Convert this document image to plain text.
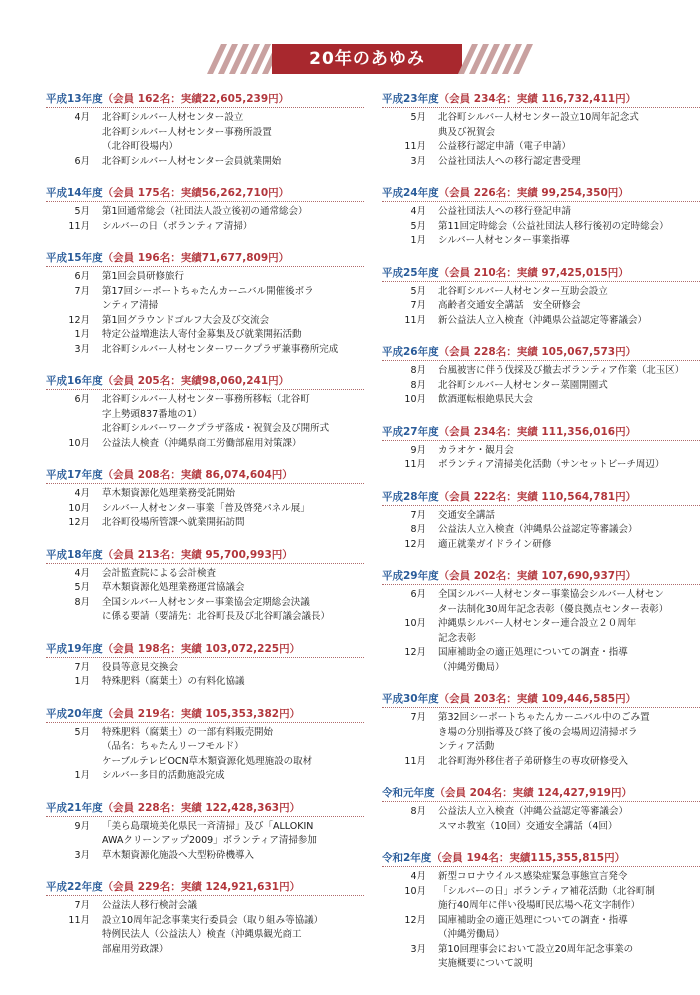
20年のあゆみ
平成13年度（会員 162名：実績22,605,239円）
4月	北谷町シルバー人材センター設立
北谷町シルバー人材センター事務所設置
（北谷町役場内）
6月	北谷町シルバー人材センター会員就業開始
平成14年度（会員 175名：実績56,262,710円）
5月	第1回通常総会（社団法人設立後初の通常総会）
11月	シルバーの日（ボランティア清掃）
平成15年度（会員 196名：実績71,677,809円）
6月	第1回会員研修旅行
7月	第17回シーポートちゃたんカーニバル開催後ボラ
ンティア清掃
12月	第1回グラウンドゴルフ大会及び交流会
1月	特定公益増進法人寄付金募集及び就業開拓活動
3月	北谷町シルバー人材センターワークプラザ兼事務所完成
平成16年度（会員 205名：実績98,060,241円）
6月	北谷町シルバー人材センター事務所移転（北谷町
字上勢頭837番地の1）
北谷町シルバーワークプラザ落成・祝賀会及び開所式
10月	公益法人検査（沖縄県商工労働部雇用対策課）
平成17年度（会員 208名：実績 86,074,604円）
4月	草木類資源化処理業務受託開始
10月	シルバー人材センター事業「普及啓発パネル展」
12月	北谷町役場所管課へ就業開拓訪問
平成18年度（会員 213名：実績 95,700,993円）
4月	会計監査院による会計検査
5月	草木類資源化処理業務運営協議会
8月	全国シルバー人材センター事業協会定期総会決議
に係る要請（要請先：北谷町長及び北谷町議会議長）
平成19年度（会員 198名：実績 103,072,225円）
7月	役員等意見交換会
1月	特殊肥料（腐葉土）の有料化協議
平成20年度（会員 219名：実績 105,353,382円）
5月	特殊肥料（腐葉土）の一部有料販売開始
（品名：ちゃたんリーフモルド）
ケーブルテレビOCN草木類資源化処理施設の取材
1月	シルバー多目的活動施設完成
平成21年度（会員 228名：実績 122,428,363円）
9月	「美ら島環境美化県民一斉清掃」及び「ALLOKIN
AWAクリーンアップ2009」ボランティア清掃参加
3月	草木類資源化施設へ大型粉砕機導入
平成22年度（会員 229名：実績 124,921,631円）
7月	公益法人移行検討会議
11月	設立10周年記念事業実行委員会（取り組み等協議）
特例民法人（公益法人）検査（沖縄県観光商工
部雇用労政課）
平成23年度（会員 234名：実績 116,732,411円）
5月	北谷町シルバー人材センター設立10周年記念式
典及び祝賀会
11月	公益移行認定申請（電子申請）
3月	公益社団法人への移行認定書受理
平成24年度（会員 226名：実績 99,254,350円）
4月	公益社団法人への移行登記申請
5月	第11回定時総会（公益社団法人移行後初の定時総会）
1月	シルバー人材センター事業指導
平成25年度（会員 210名：実績 97,425,015円）
5月	北谷町シルバー人材センター互助会設立
7月	高齢者交通安全講話　安全研修会
11月	新公益法人立入検査（沖縄県公益認定等審議会）
平成26年度（会員 228名：実績 105,067,573円）
8月	台風被害に伴う伐採及び撤去ボランティア作業（北玉区）
8月	北谷町シルバー人材センター菜園開園式
10月	飲酒運転根絶県民大会
平成27年度（会員 234名：実績 111,356,016円）
9月	カラオケ・観月会
11月	ボランティア清掃美化活動（サンセットビーチ周辺）
平成28年度（会員 222名：実績 110,564,781円）
7月	交通安全講話
8月	公益法人立入検査（沖縄県公益認定等審議会）
12月	適正就業ガイドライン研修
平成29年度（会員 202名：実績 107,690,937円）
6月	全国シルバー人材センター事業協会シルバー人材セン
ター法制化30周年記念表彰（優良拠点センター表彰）
10月	沖縄県シルバー人材センター連合設立２０周年
記念表彰
12月	国庫補助金の適正処理についての調査・指導
（沖縄労働局）
平成30年度（会員 203名：実績 109,446,585円）
7月	第32回シーポートちゃたんカーニバル中のごみ置
き場の分別指導及び終了後の会場周辺清掃ボラ
ンティア活動
11月	北谷町海外移住者子弟研修生の専攻研修受入
令和元年度（会員 204名：実績 124,427,919円）
8月	公益法人立入検査（沖縄公益認定等審議会）
スマホ教室（10回）交通安全講話（4回）
令和2年度（会員 194名：実績115,355,815円）
4月	新型コロナウイルス感染症緊急事態宣言発令
10月	「シルバーの日」ボランティア補花活動（北谷町制
施行40周年に伴い役場町民広場へ花文字制作）
12月	国庫補助金の適正処理についての調査・指導
（沖縄労働局）
3月	第10回理事会において設立20周年記念事業の
実施概要について説明
